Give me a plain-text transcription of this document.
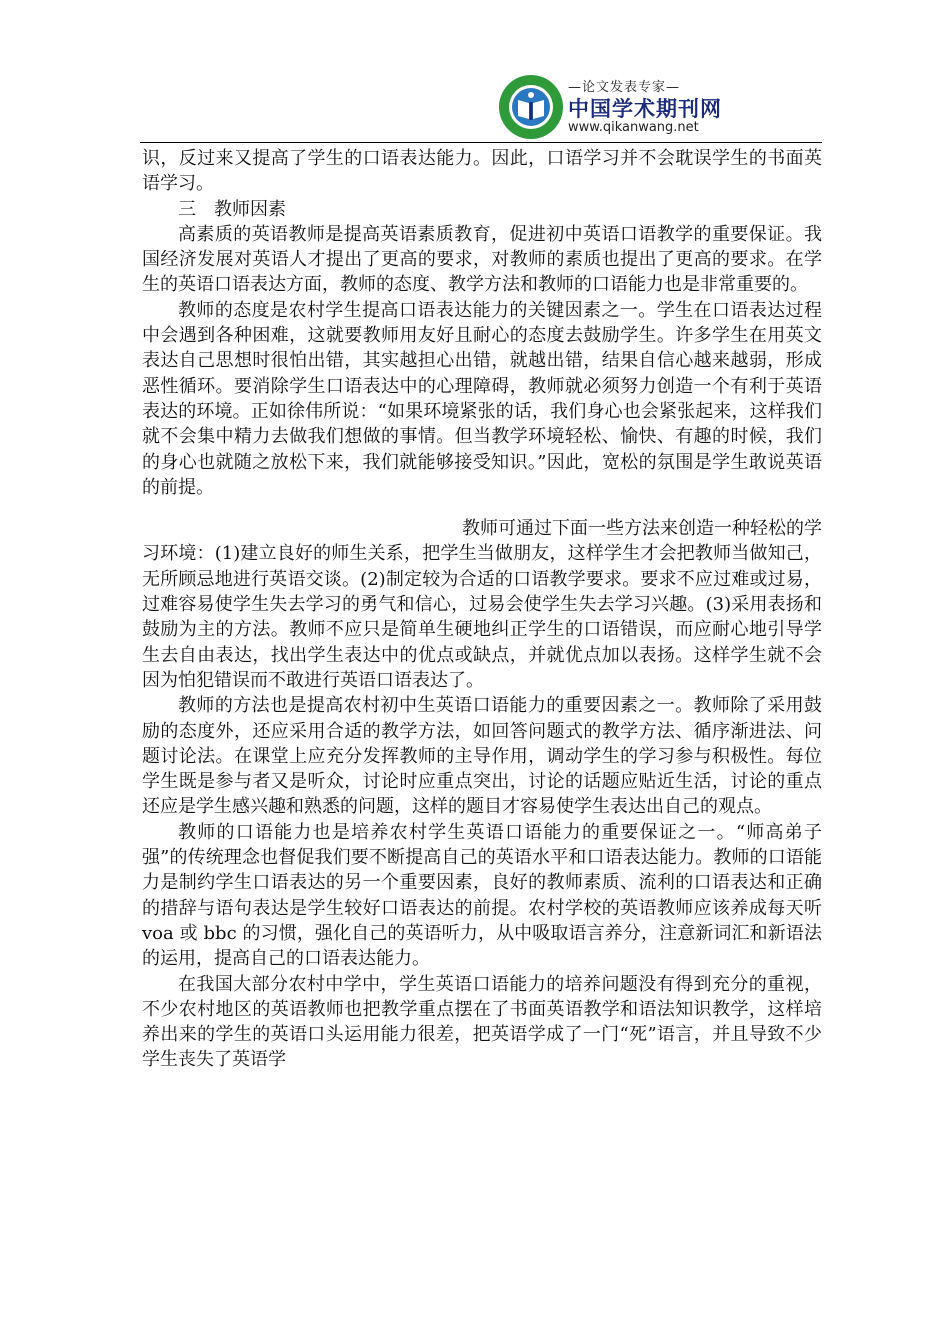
—论文发表专家—
中国学术期刊网
www.qikanwang.net

识，反过来又提高了学生的口语表达能力。因此，口语学习并不会耽误学生的书面英语学习。

三　教师因素

高素质的英语教师是提高英语素质教育，促进初中英语口语教学的重要保证。我国经济发展对英语人才提出了更高的要求，对教师的素质也提出了更高的要求。在学生的英语口语表达方面，教师的态度、教学方法和教师的口语能力也是非常重要的。

教师的态度是农村学生提高口语表达能力的关键因素之一。学生在口语表达过程中会遇到各种困难，这就要教师用友好且耐心的态度去鼓励学生。许多学生在用英文表达自己思想时很怕出错，其实越担心出错，就越出错，结果自信心越来越弱，形成恶性循环。要消除学生口语表达中的心理障碍，教师就必须努力创造一个有利于英语表达的环境。正如徐伟所说：“如果环境紧张的话，我们身心也会紧张起来，这样我们就不会集中精力去做我们想做的事情。但当教学环境轻松、愉快、有趣的时候，我们的身心也就随之放松下来，我们就能够接受知识。”因此，宽松的氛围是学生敢说英语的前提。

教师可通过下面一些方法来创造一种轻松的学习环境：(1)建立良好的师生关系，把学生当做朋友，这样学生才会把教师当做知己，无所顾忌地进行英语交谈。(2)制定较为合适的口语教学要求。要求不应过难或过易，过难容易使学生失去学习的勇气和信心，过易会使学生失去学习兴趣。(3)采用表扬和鼓励为主的方法。教师不应只是简单生硬地纠正学生的口语错误，而应耐心地引导学生去自由表达，找出学生表达中的优点或缺点，并就优点加以表扬。这样学生就不会因为怕犯错误而不敢进行英语口语表达了。

教师的方法也是提高农村初中生英语口语能力的重要因素之一。教师除了采用鼓励的态度外，还应采用合适的教学方法，如回答问题式的教学方法、循序渐进法、问题讨论法。在课堂上应充分发挥教师的主导作用，调动学生的学习参与积极性。每位学生既是参与者又是听众，讨论时应重点突出，讨论的话题应贴近生活，讨论的重点还应是学生感兴趣和熟悉的问题，这样的题目才容易使学生表达出自己的观点。

教师的口语能力也是培养农村学生英语口语能力的重要保证之一。“师高弟子强”的传统理念也督促我们要不断提高自己的英语水平和口语表达能力。教师的口语能力是制约学生口语表达的另一个重要因素，良好的教师素质、流利的口语表达和正确的措辞与语句表达是学生较好口语表达的前提。农村学校的英语教师应该养成每天听 voa 或 bbc 的习惯，强化自己的英语听力，从中吸取语言养分，注意新词汇和新语法的运用，提高自己的口语表达能力。

在我国大部分农村中学中，学生英语口语能力的培养问题没有得到充分的重视，不少农村地区的英语教师也把教学重点摆在了书面英语教学和语法知识教学，这样培养出来的学生的英语口头运用能力很差，把英语学成了一门“死”语言，并且导致不少学生丧失了英语学
